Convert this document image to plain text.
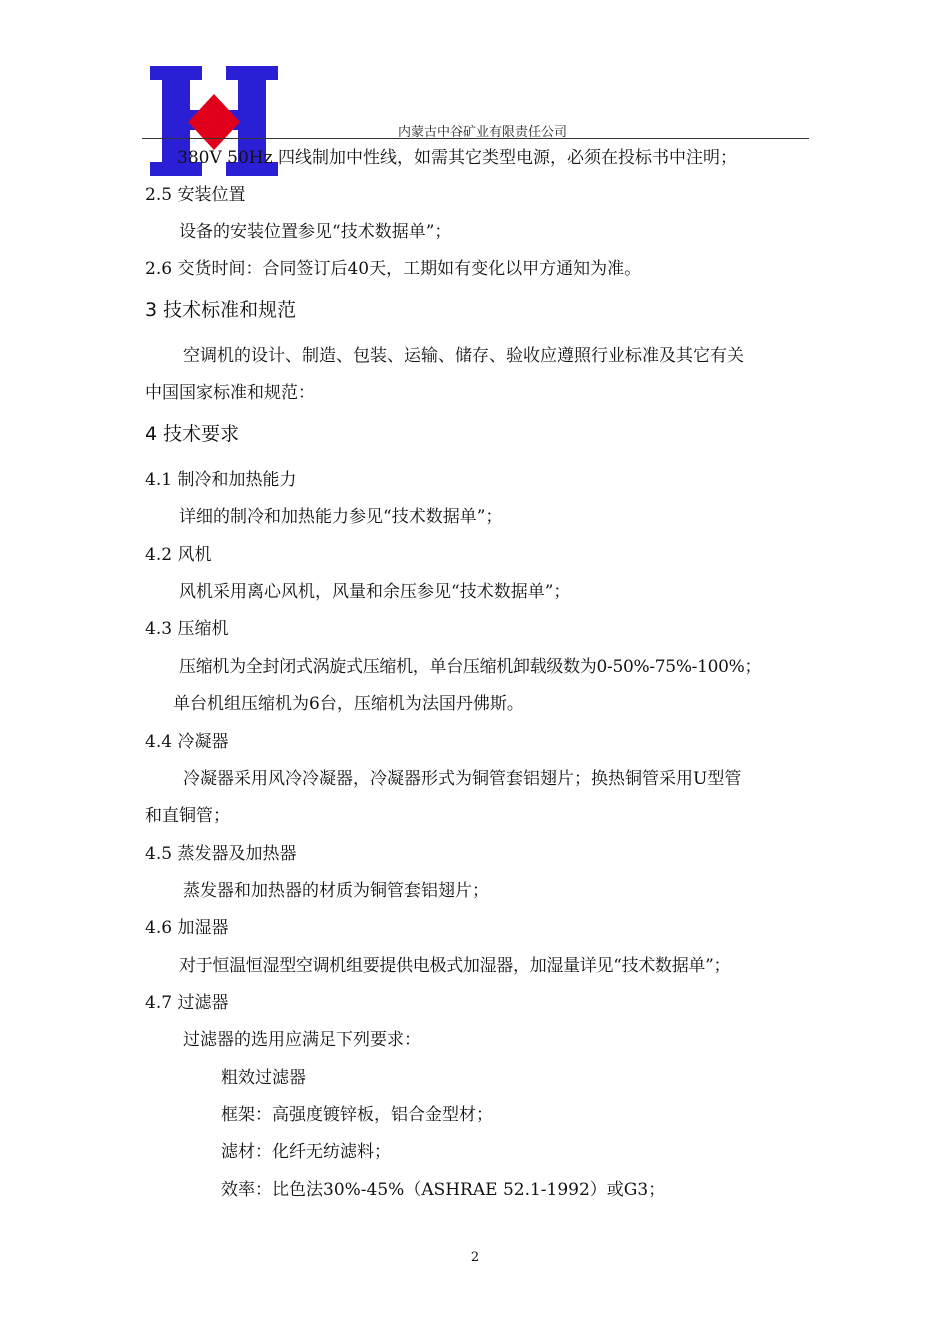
内蒙古中谷矿业有限责任公司
380V 50Hz 四线制加中性线，如需其它类型电源，必须在投标书中注明；
2.5 安装位置
设备的安装位置参见“技术数据单”；
2.6 交货时间：合同签订后40天，工期如有变化以甲方通知为准。
3 技术标准和规范
空调机的设计、制造、包装、运输、储存、验收应遵照行业标准及其它有关
中国国家标准和规范：
4 技术要求
4.1 制冷和加热能力
详细的制冷和加热能力参见“技术数据单”；
4.2 风机
风机采用离心风机，风量和余压参见“技术数据单”；
4.3 压缩机
压缩机为全封闭式涡旋式压缩机，单台压缩机卸载级数为0-50%-75%-100%；
单台机组压缩机为6台，压缩机为法国丹佛斯。
4.4 冷凝器
冷凝器采用风冷冷凝器，冷凝器形式为铜管套铝翅片；换热铜管采用U型管
和直铜管；
4.5 蒸发器及加热器
蒸发器和加热器的材质为铜管套铝翅片；
4.6 加湿器
对于恒温恒湿型空调机组要提供电极式加湿器，加湿量详见“技术数据单”；
4.7 过滤器
过滤器的选用应满足下列要求：
粗效过滤器
框架：高强度镀锌板，铝合金型材；
滤材：化纤无纺滤料；
效率：比色法30%-45%（ASHRAE 52.1-1992）或G3；
2
